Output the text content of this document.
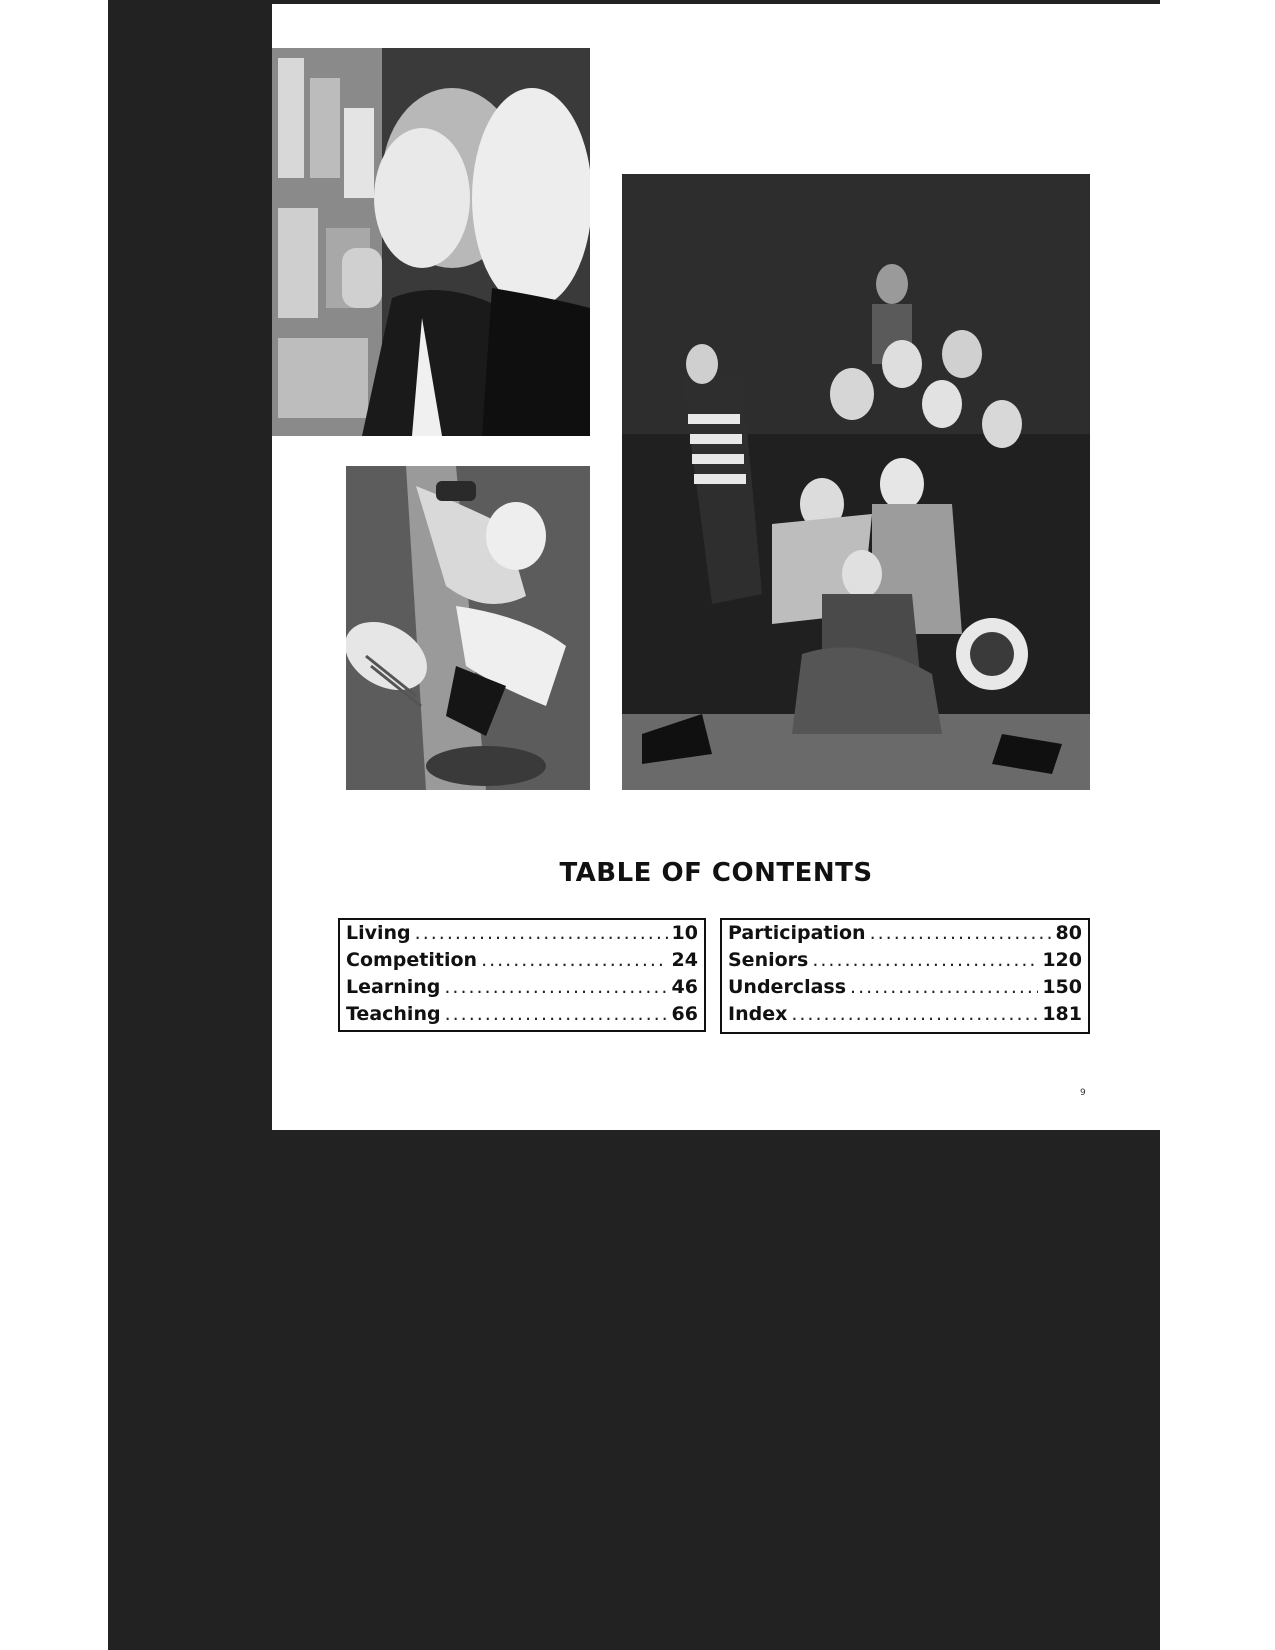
TABLE OF CONTENTS
Living .....	10
Competition .....	24
Learning .....	46
Teaching .....	66
Participation .....	80
Seniors .....	120
Underclass .....	150
Index .....	181
9
